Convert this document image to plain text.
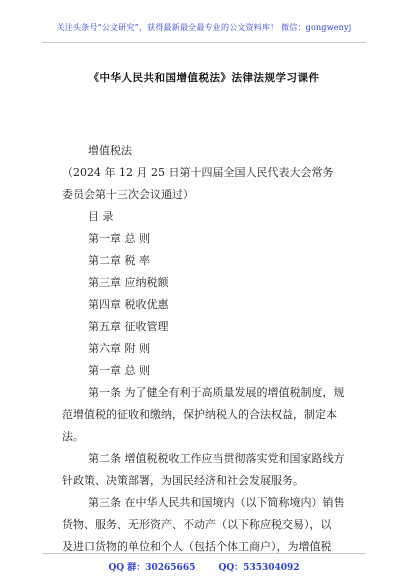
关注头条号“公文研究”，获得最新最全最专业的公文资料库！ 微信：gongwenyj
《中华人民共和国增值税法》法律法规学习课件
增值税法
（2024 年 12 月 25 日第十四届全国人民代表大会常务
委员会第十三次会议通过）
目 录
第一章 总 则
第二章 税 率
第三章 应纳税额
第四章 税收优惠
第五章 征收管理
第六章 附 则
第一章 总 则
第一条 为了健全有利于高质量发展的增值税制度，规
范增值税的征收和缴纳，保护纳税人的合法权益，制定本
法。
第二条 增值税税收工作应当贯彻落实党和国家路线方
针政策、决策部署，为国民经济和社会发展服务。
第三条 在中华人民共和国境内（以下简称境内）销售
货物、服务、无形资产、不动产（以下称应税交易），以
及进口货物的单位和个人（包括个体工商户），为增值税
QQ 群：30265665	QQ：535304092
